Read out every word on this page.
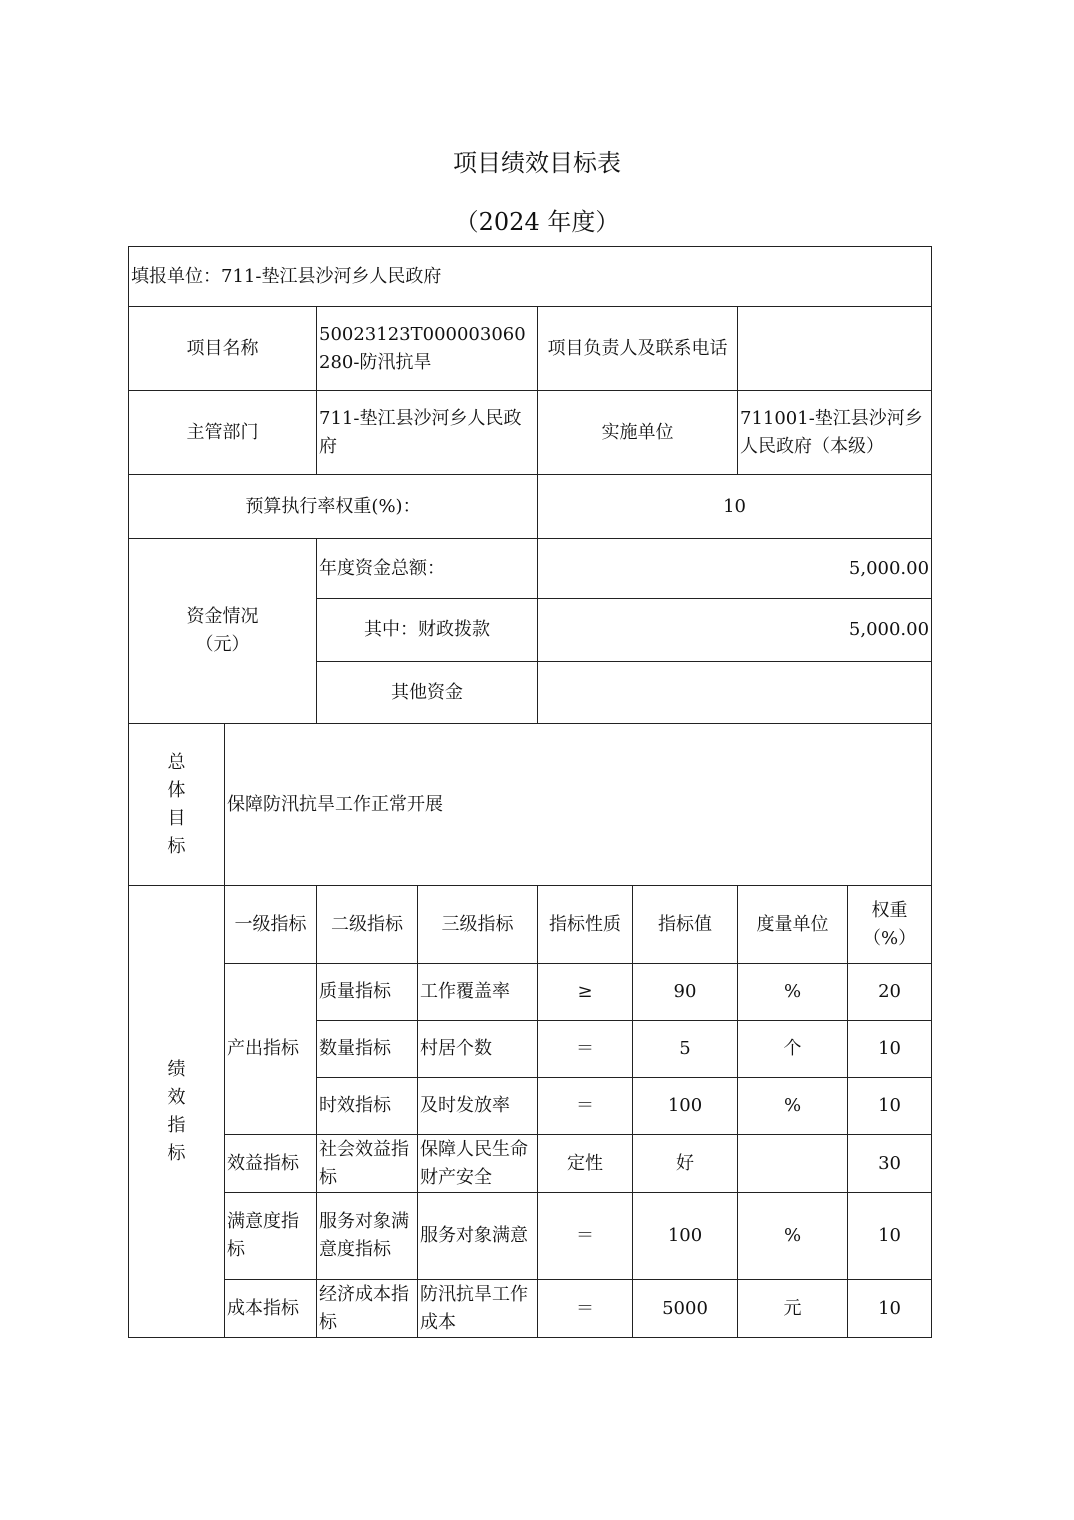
项目绩效目标表
（2024 年度）
填报单位：711-垫江县沙河乡人民政府							
项目名称		50023123T000003060280-防汛抗旱		项目负责人及联系电话			
主管部门		711-垫江县沙河乡人民政府		实施单位		711001-垫江县沙河乡人民政府（本级）	
预算执行率权重(%)：				10			

资金情况（元）		年度资金总额：		5,000.00			
		其中：财政拨款		5,000.00			
		其他资金					

总体目标	保障防汛抗旱工作正常开展						

绩效指标	一级指标	二级指标	三级指标	指标性质	指标值	度量单位	权重（%）
	产出指标	质量指标	工作覆盖率	≥	90	%	20
		数量指标	村居个数	＝	5	个	10
		时效指标	及时发放率	＝	100	%	10
	效益指标	社会效益指标	保障人民生命财产安全	定性	好		30
	满意度指标	服务对象满意度指标	服务对象满意	＝	100	%	10
	成本指标	经济成本指标	防汛抗旱工作成本	＝	5000	元	10
